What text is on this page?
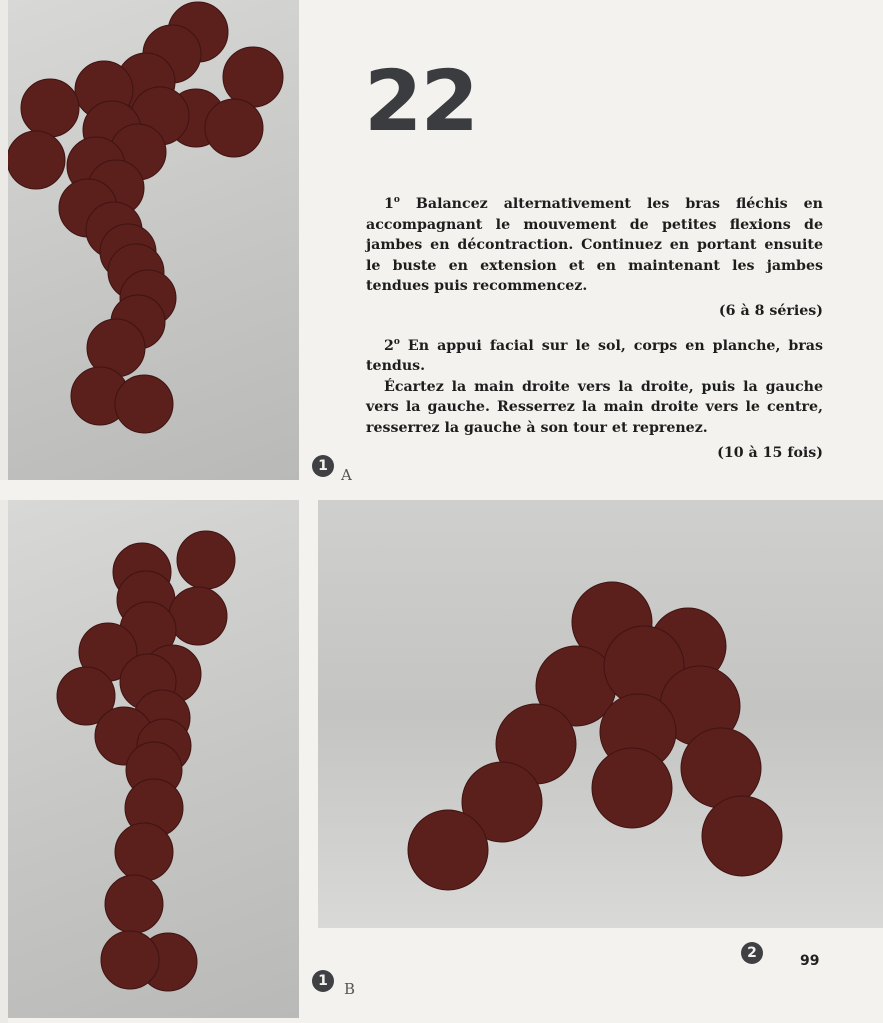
22

1$^o$ Balancez alternativement les bras fléchis en accompagnant le mouvement de petites flexions de jambes en décontraction. Continuez en portant ensuite le buste en extension et en maintenant les jambes tendues puis recommencez.

(6 à 8 séries)

2$^o$ En appui facial sur le sol, corps en planche, bras tendus.

Écartez la main droite vers la droite, puis la gauche vers la gauche. Resserrez la main droite vers le centre, resserrez la gauche à son tour et reprenez.

(10 à 15 fois)

1 A
1	B
2	99
